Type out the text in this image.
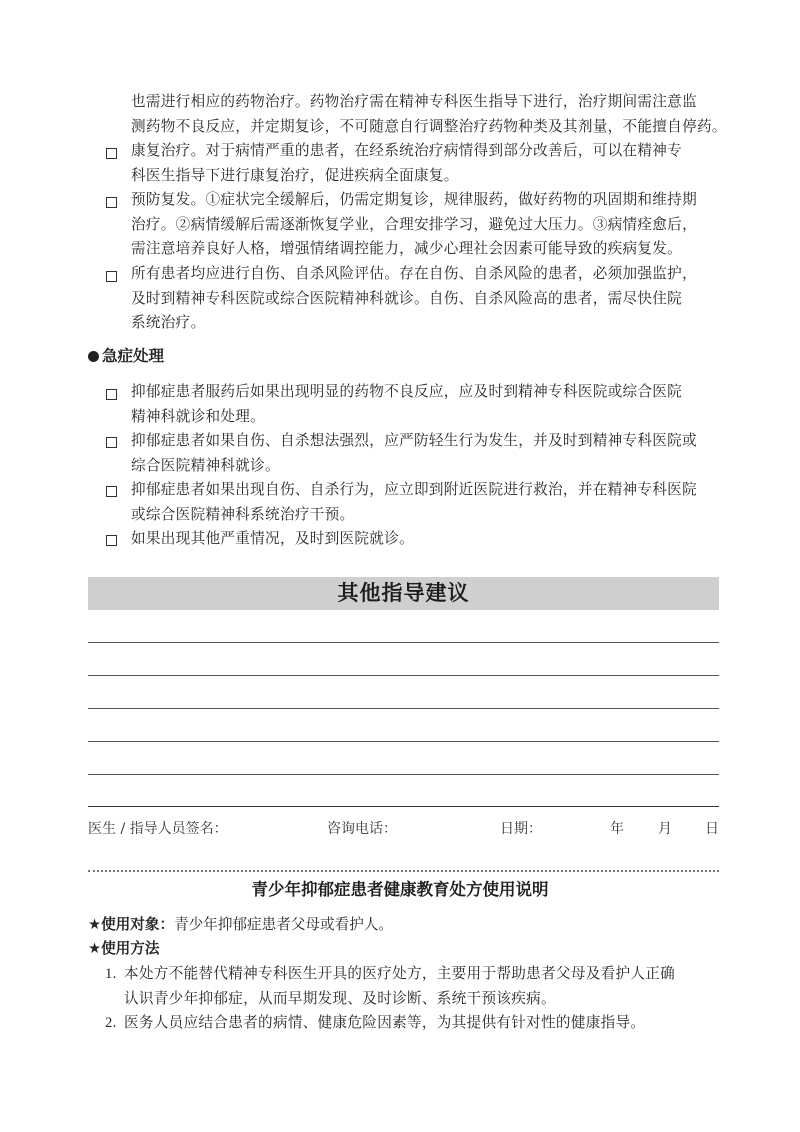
也需进行相应的药物治疗。药物治疗需在精神专科医生指导下进行，治疗期间需注意监
测药物不良反应，并定期复诊，不可随意自行调整治疗药物种类及其剂量，不能擅自停药。
康复治疗。对于病情严重的患者，在经系统治疗病情得到部分改善后，可以在精神专
科医生指导下进行康复治疗，促进疾病全面康复。
预防复发。①症状完全缓解后，仍需定期复诊，规律服药，做好药物的巩固期和维持期
治疗。②病情缓解后需逐渐恢复学业，合理安排学习，避免过大压力。③病情痊愈后，
需注意培养良好人格，增强情绪调控能力，减少心理社会因素可能导致的疾病复发。
所有患者均应进行自伤、自杀风险评估。存在自伤、自杀风险的患者，必须加强监护，
及时到精神专科医院或综合医院精神科就诊。自伤、自杀风险高的患者，需尽快住院
系统治疗。
急症处理
抑郁症患者服药后如果出现明显的药物不良反应，应及时到精神专科医院或综合医院
精神科就诊和处理。
抑郁症患者如果自伤、自杀想法强烈，应严防轻生行为发生，并及时到精神专科医院或
综合医院精神科就诊。
抑郁症患者如果出现自伤、自杀行为，应立即到附近医院进行救治，并在精神专科医院
或综合医院精神科系统治疗干预。
如果出现其他严重情况，及时到医院就诊。
其他指导建议
医生 / 指导人员签名：	咨询电话：	日期：	年 月 日
青少年抑郁症患者健康教育处方使用说明
★使用对象：青少年抑郁症患者父母或看护人。
★使用方法
1. 本处方不能替代精神专科医生开具的医疗处方，主要用于帮助患者父母及看护人正确
认识青少年抑郁症，从而早期发现、及时诊断、系统干预该疾病。
2. 医务人员应结合患者的病情、健康危险因素等，为其提供有针对性的健康指导。
